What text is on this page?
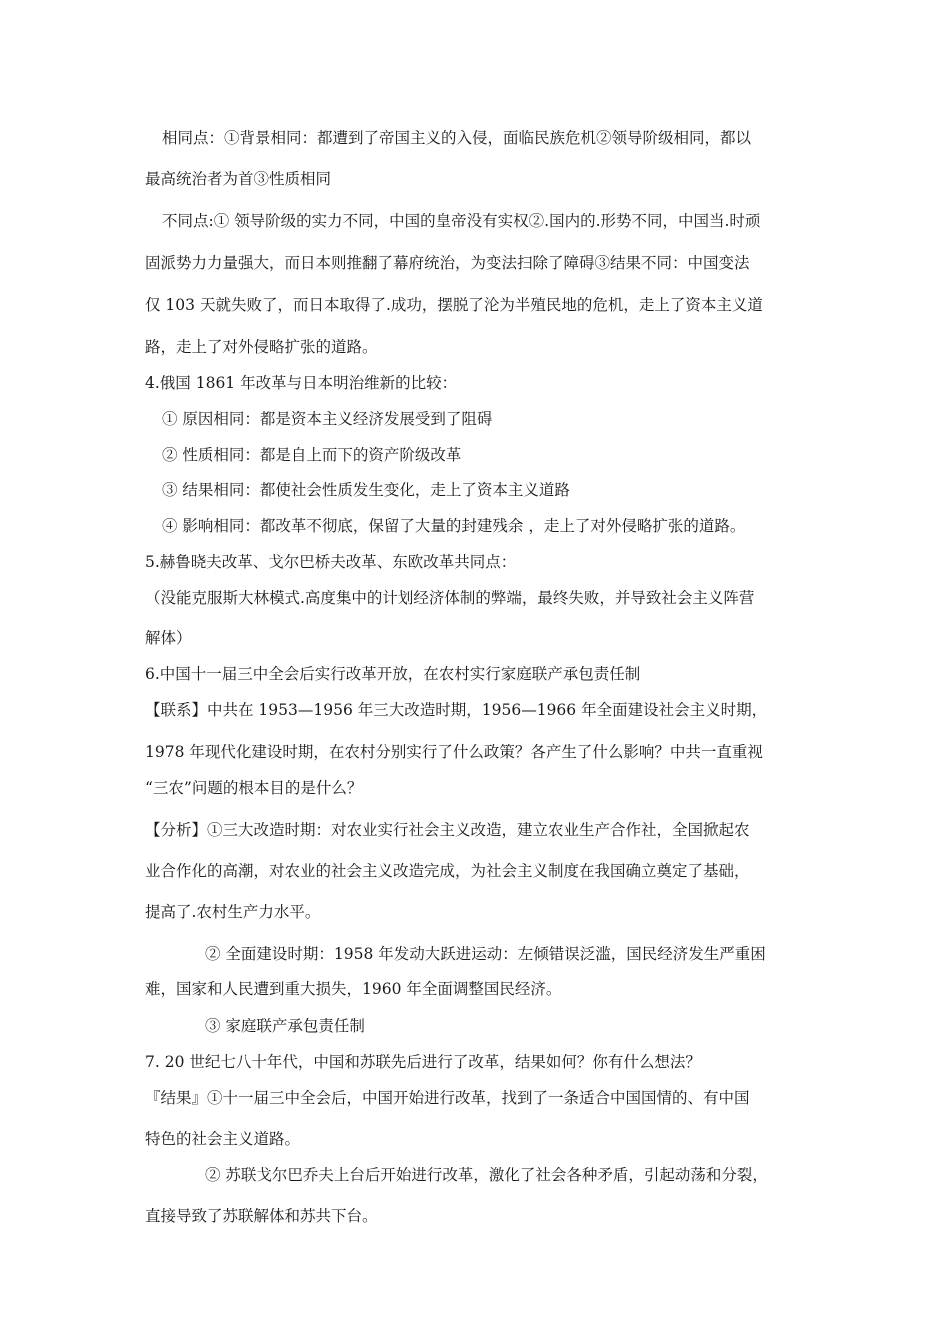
相同点：①背景相同：都遭到了帝国主义的入侵，面临民族危机②领导阶级相同，都以
最高统治者为首③性质相同
不同点:① 领导阶级的实力不同，中国的皇帝没有实权②.国内的.形势不同，中国当.时顽
固派势力力量强大，而日本则推翻了幕府统治，为变法扫除了障碍③结果不同：中国变法
仅 103 天就失败了，而日本取得了.成功，摆脱了沦为半殖民地的危机，走上了资本主义道
路，走上了对外侵略扩张的道路。
4.俄国 1861 年改革与日本明治维新的比较：
① 原因相同：都是资本主义经济发展受到了阻碍
② 性质相同：都是自上而下的资产阶级改革
③ 结果相同：都使社会性质发生变化，走上了资本主义道路
④ 影响相同：都改革不彻底，保留了大量的封建残余 ，走上了对外侵略扩张的道路。
5.赫鲁晓夫改革、戈尔巴桥夫改革、东欧改革共同点：
（没能克服斯大林模式.高度集中的计划经济体制的弊端，最终失败，并导致社会主义阵营
解体）
6.中国十一届三中全会后实行改革开放，在农村实行家庭联产承包责任制
【联系】中共在 1953—1956 年三大改造时期，1956—1966 年全面建设社会主义时期，
1978 年现代化建设时期，在农村分别实行了什么政策？各产生了什么影响？中共一直重视
“三农”问题的根本目的是什么？
【分析】①三大改造时期：对农业实行社会主义改造，建立农业生产合作社，全国掀起农
业合作化的高潮，对农业的社会主义改造完成，为社会主义制度在我国确立奠定了基础，
提高了.农村生产力水平。
② 全面建设时期：1958 年发动大跃进运动：左倾错误泛滥，国民经济发生严重困
难，国家和人民遭到重大损失，1960 年全面调整国民经济。
③ 家庭联产承包责任制
7. 20 世纪七八十年代，中国和苏联先后进行了改革，结果如何？你有什么想法？
『结果』①十一届三中全会后，中国开始进行改革，找到了一条适合中国国情的、有中国
特色的社会主义道路。
② 苏联戈尔巴乔夫上台后开始进行改革，激化了社会各种矛盾，引起动荡和分裂，
直接导致了苏联解体和苏共下台。
